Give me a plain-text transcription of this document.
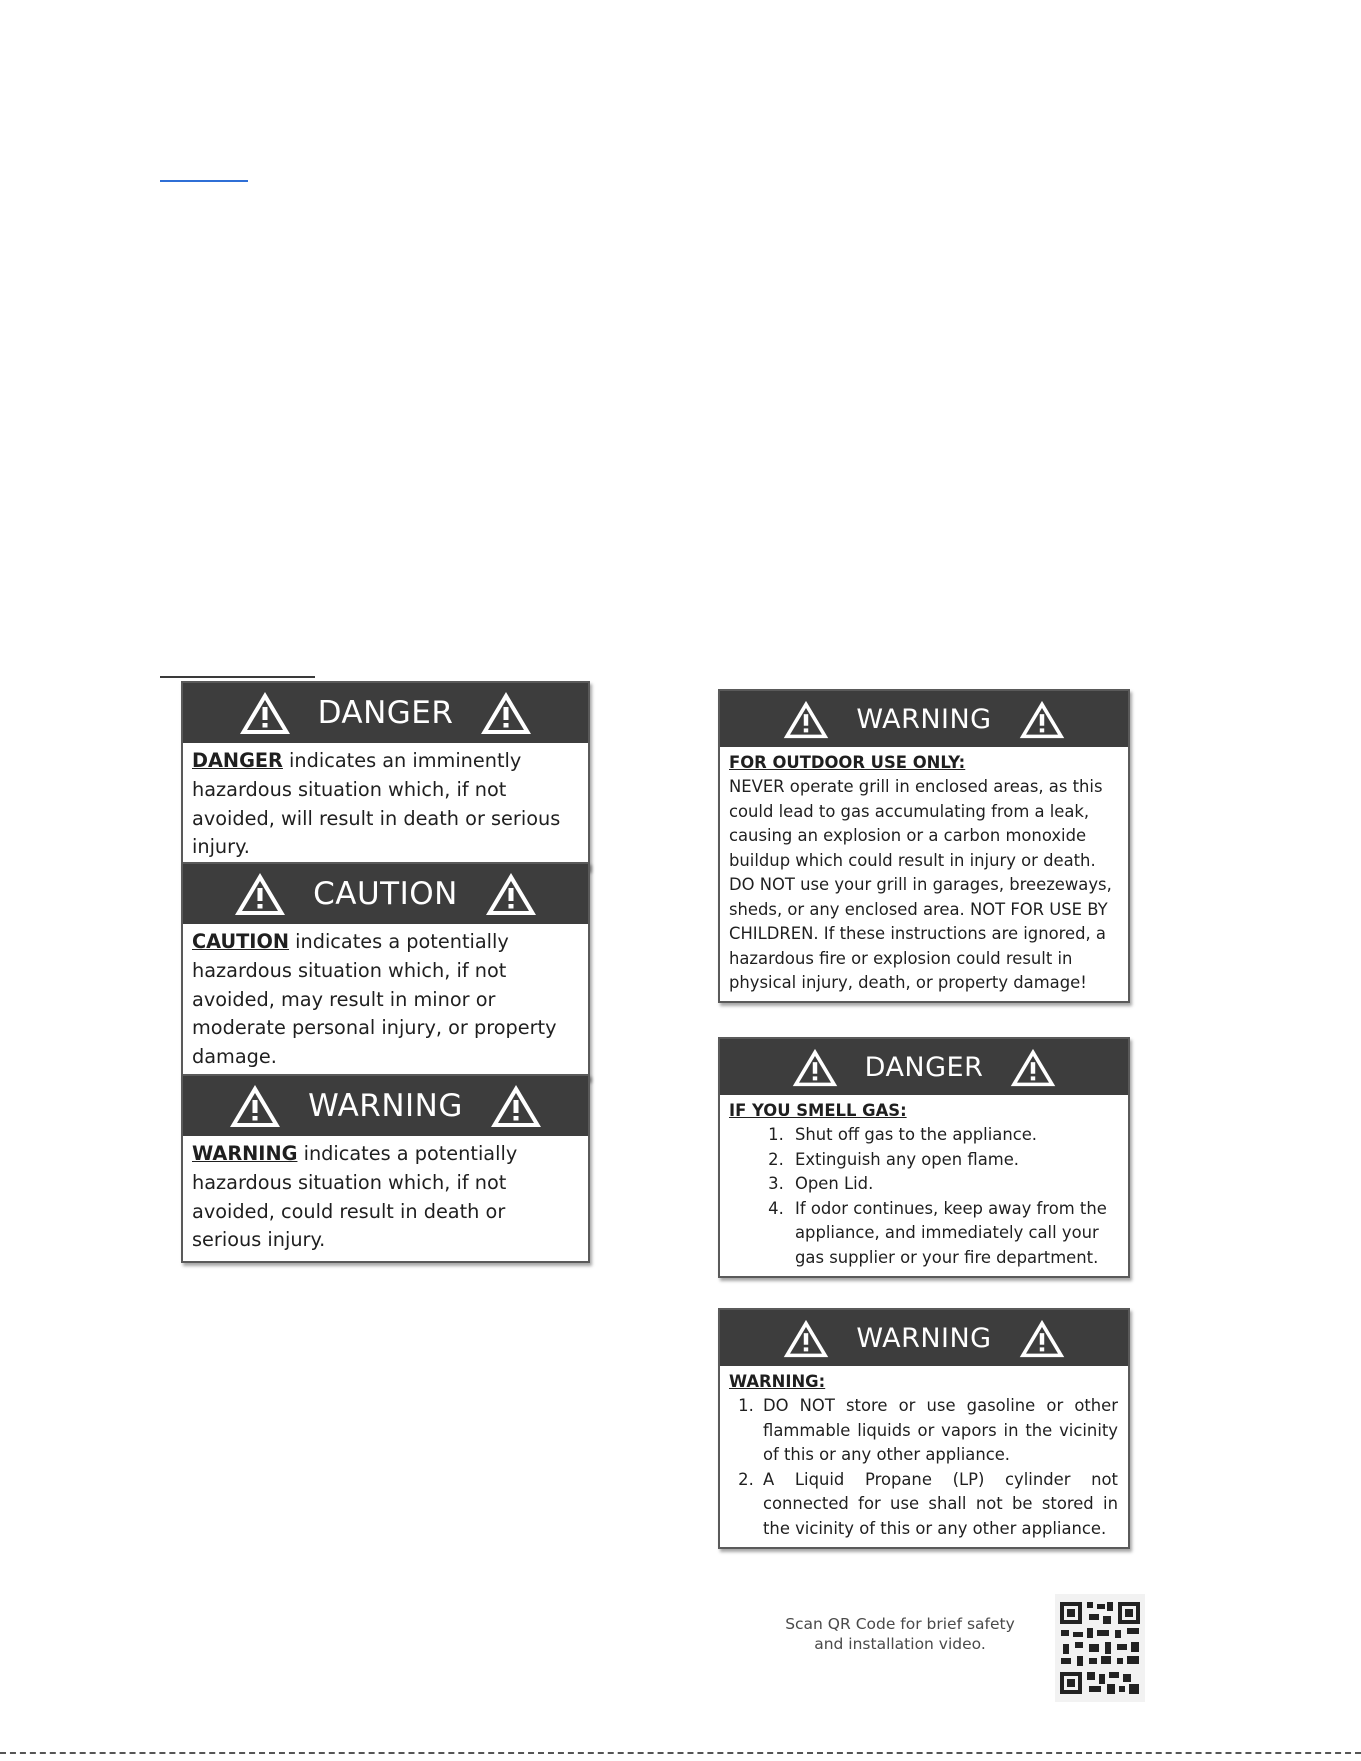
DANGER
DANGER indicates an imminently hazardous situation which, if not avoided, will result in death or serious injury.
CAUTION
CAUTION indicates a potentially hazardous situation which, if not avoided, may result in minor or moderate personal injury, or property damage.
WARNING
WARNING indicates a potentially hazardous situation which, if not avoided, could result in death or serious injury.
WARNING
FOR OUTDOOR USE ONLY:
NEVER operate grill in enclosed areas, as this could lead to gas accumulating from a leak, causing an explosion or a carbon monoxide buildup which could result in injury or death. DO NOT use your grill in garages, breezeways, sheds, or any enclosed area. NOT FOR USE BY CHILDREN. If these instructions are ignored, a hazardous fire or explosion could result in physical injury, death, or property damage!
DANGER
IF YOU SMELL GAS:
1. Shut off gas to the appliance.
2. Extinguish any open flame.
3. Open Lid.
4. If odor continues, keep away from the appliance, and immediately call your gas supplier or your fire department.
WARNING
WARNING:
1. DO NOT store or use gasoline or other flammable liquids or vapors in the vicinity of this or any other appliance.
2. A Liquid Propane (LP) cylinder not connected for use shall not be stored in the vicinity of this or any other appliance.
Scan QR Code for brief safety and installation video.
